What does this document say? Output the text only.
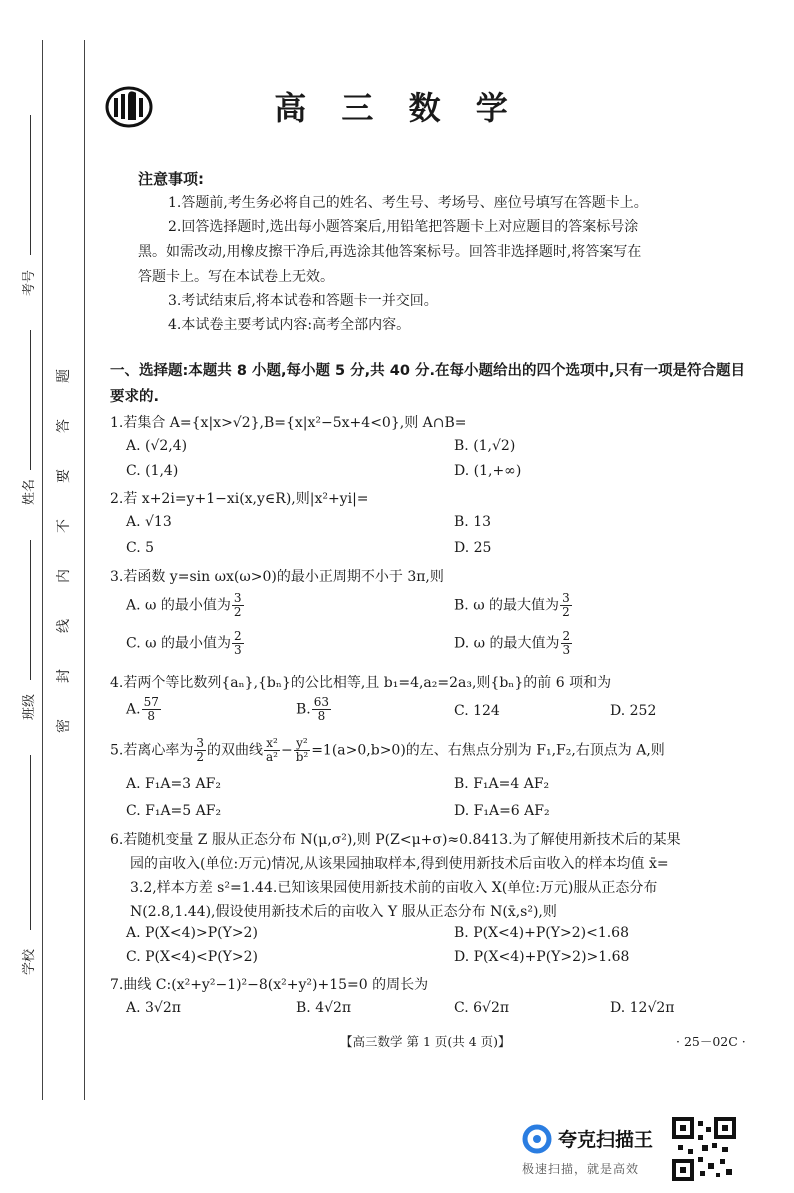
考号
姓名
班级
学校
题
答
要
不
内
线
封
密
高 三 数 学
注意事项:
1.答题前,考生务必将自己的姓名、考生号、考场号、座位号填写在答题卡上。
2.回答选择题时,选出每小题答案后,用铅笔把答题卡上对应题目的答案标号涂
黑。如需改动,用橡皮擦干净后,再选涂其他答案标号。回答非选择题时,将答案写在
答题卡上。写在本试卷上无效。
3.考试结束后,将本试卷和答题卡一并交回。
4.本试卷主要考试内容:高考全部内容。
一、选择题:本题共 8 小题,每小题 5 分,共 40 分.在每小题给出的四个选项中,只有一项是符合题目要求的.
1.若集合 A={x|x>√2},B={x|x²−5x+4<0},则 A∩B=
A. (√2,4)	B. (1,√2)
C. (1,4)	D. (1,+∞)
2.若 x+2i=y+1−xi(x,y∈R),则|x²+yi|=
A. √13	B. 13
C. 5	D. 25
3.若函数 y=sin ωx(ω>0)的最小正周期不小于 3π,则
A. ω 的最小值为 $\frac{3}{2}$	B. ω 的最大值为 $\frac{3}{2}$
C. ω 的最小值为 $\frac{2}{3}$	D. ω 的最大值为 $\frac{2}{3}$
4.若两个等比数列{aₙ},{bₙ}的公比相等,且 b₁=4,a₂=2a₃,则{bₙ}的前 6 项和为
A. $\frac{57}{8}$	B. $\frac{63}{8}$	C. 124	D. 252
5.若离心率为 $\frac{3}{2}$ 的双曲线 $\frac{\text{x²}}{\text{a²}} - \frac{\text{y²}}{\text{b²}} =1(a>0,b>0)$的左、右焦点分别为 F₁,F₂,右顶点为 A,则
A. F₁A=3 AF₂	B. F₁A=4 AF₂
C. F₁A=5 AF₂	D. F₁A=6 AF₂
6.若随机变量 Z 服从正态分布 N(μ,σ²),则 P(Z<μ+σ)≈0.8413.为了解使用新技术后的某果
园的亩收入(单位:万元)情况,从该果园抽取样本,得到使用新技术后亩收入的样本均值 x̄=
3.2,样本方差 s²=1.44.已知该果园使用新技术前的亩收入 X(单位:万元)服从正态分布
N(2.8,1.44),假设使用新技术后的亩收入 Y 服从正态分布 N(x̄,s²),则
A. P(X<4)>P(Y>2)	B. P(X<4)+P(Y>2)<1.68
C. P(X<4)<P(Y>2)	D. P(X<4)+P(Y>2)>1.68
7.曲线 C:(x²+y²−1)²−8(x²+y²)+15=0 的周长为
A. 3√2π	B. 4√2π	C. 6√2π	D. 12√2π
【高三数学 第 1 页(共 4 页)】	· 25－02C ·
夸克扫描王
极速扫描，就是高效
